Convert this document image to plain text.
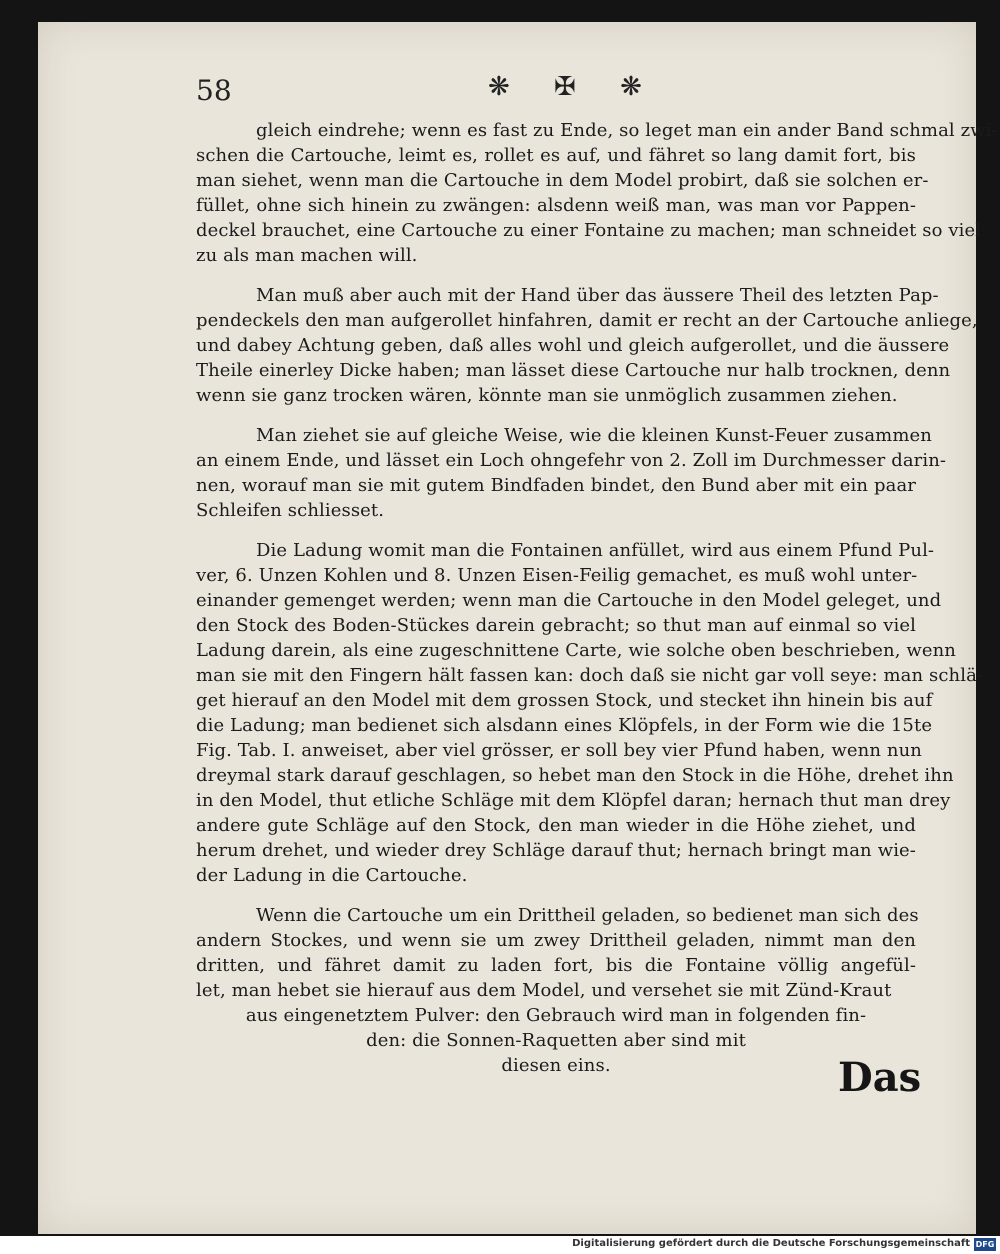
58	❋ ✠ ❋
gleich eindrehe; wenn es fast zu Ende, so leget man ein ander Band schmal zwi-
schen die Cartouche, leimt es, rollet es auf, und fähret so lang damit fort, bis
man siehet, wenn man die Cartouche in dem Model probirt, daß sie solchen er-
füllet, ohne sich hinein zu zwängen: alsdenn weiß man, was man vor Pappen-
deckel brauchet, eine Cartouche zu einer Fontaine zu machen; man schneidet so viel
zu als man machen will.
Man muß aber auch mit der Hand über das äussere Theil des letzten Pap-
pendeckels den man aufgerollet hinfahren, damit er recht an der Cartouche anliege,
und dabey Achtung geben, daß alles wohl und gleich aufgerollet, und die äussere
Theile einerley Dicke haben; man lässet diese Cartouche nur halb trocknen, denn
wenn sie ganz trocken wären, könnte man sie unmöglich zusammen ziehen.
Man ziehet sie auf gleiche Weise, wie die kleinen Kunst-Feuer zusammen
an einem Ende, und lässet ein Loch ohngefehr von 2. Zoll im Durchmesser darin-
nen, worauf man sie mit gutem Bindfaden bindet, den Bund aber mit ein paar
Schleifen schliesset.
Die Ladung womit man die Fontainen anfüllet, wird aus einem Pfund Pul-
ver, 6. Unzen Kohlen und 8. Unzen Eisen-Feilig gemachet, es muß wohl unter-
einander gemenget werden; wenn man die Cartouche in den Model geleget, und
den Stock des Boden-Stückes darein gebracht; so thut man auf einmal so viel
Ladung darein, als eine zugeschnittene Carte, wie solche oben beschrieben, wenn
man sie mit den Fingern hält fassen kan: doch daß sie nicht gar voll seye: man schlä-
get hierauf an den Model mit dem grossen Stock, und stecket ihn hinein bis auf
die Ladung; man bedienet sich alsdann eines Klöpfels, in der Form wie die 15te
Fig. Tab. I. anweiset, aber viel grösser, er soll bey vier Pfund haben, wenn nun
dreymal stark darauf geschlagen, so hebet man den Stock in die Höhe, drehet ihn
in den Model, thut etliche Schläge mit dem Klöpfel daran; hernach thut man drey
andere gute Schläge auf den Stock, den man wieder in die Höhe ziehet, und
herum drehet, und wieder drey Schläge darauf thut; hernach bringt man wie-
der Ladung in die Cartouche.
Wenn die Cartouche um ein Drittheil geladen, so bedienet man sich des
andern Stockes, und wenn sie um zwey Drittheil geladen, nimmt man den
dritten, und fähret damit zu laden fort, bis die Fontaine völlig angefül-
let, man hebet sie hierauf aus dem Model, und versehet sie mit Zünd-Kraut
aus eingenetztem Pulver: den Gebrauch wird man in folgenden fin-
den: die Sonnen-Raquetten aber sind mit
diesen eins.	Das
Digitalisierung gefördert durch die Deutsche Forschungsgemeinschaft DFG
